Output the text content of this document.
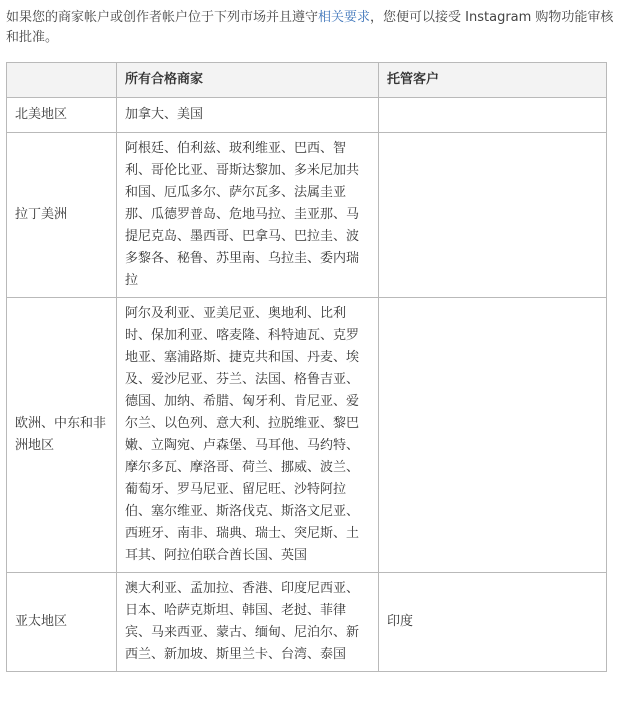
如果您的商家帐户或创作者帐户位于下列市场并且遵守相关要求，您便可以接受 Instagram 购物功能审核和批准。

	所有合格商家	托管客户
北美地区	加拿大、美国	
拉丁美洲	阿根廷、伯利兹、玻利维亚、巴西、智利、哥伦比亚、哥斯达黎加、多米尼加共和国、厄瓜多尔、萨尔瓦多、法属圭亚那、瓜德罗普岛、危地马拉、圭亚那、马提尼克岛、墨西哥、巴拿马、巴拉圭、波多黎各、秘鲁、苏里南、乌拉圭、委内瑞拉	
欧洲、中东和非洲地区	阿尔及利亚、亚美尼亚、奥地利、比利时、保加利亚、喀麦隆、科特迪瓦、克罗地亚、塞浦路斯、捷克共和国、丹麦、埃及、爱沙尼亚、芬兰、法国、格鲁吉亚、德国、加纳、希腊、匈牙利、肯尼亚、爱尔兰、以色列、意大利、拉脱维亚、黎巴嫩、立陶宛、卢森堡、马耳他、马约特、摩尔多瓦、摩洛哥、荷兰、挪威、波兰、葡萄牙、罗马尼亚、留尼旺、沙特阿拉伯、塞尔维亚、斯洛伐克、斯洛文尼亚、西班牙、南非、瑞典、瑞士、突尼斯、土耳其、阿拉伯联合酋长国、英国	
亚太地区	澳大利亚、孟加拉、香港、印度尼西亚、日本、哈萨克斯坦、韩国、老挝、菲律宾、马来西亚、蒙古、缅甸、尼泊尔、新西兰、新加坡、斯里兰卡、台湾、泰国	印度
